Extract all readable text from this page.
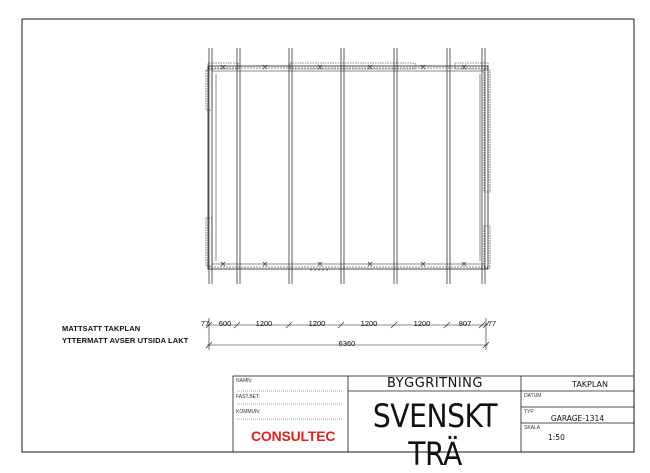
MATTSATT TAKPLAN
YTTERMATT AVSER UTSIDA LAKT
77 600	1200	1200	1200	1200	807 77
6360
NAMN:
FAST.BET:
KOMMUN:
CONSULTEC
BYGGRITNING
SVENSKT TRÄ
DATUM
TAKPLAN
TYP
GARAGE-1314
SKALA
1:50
